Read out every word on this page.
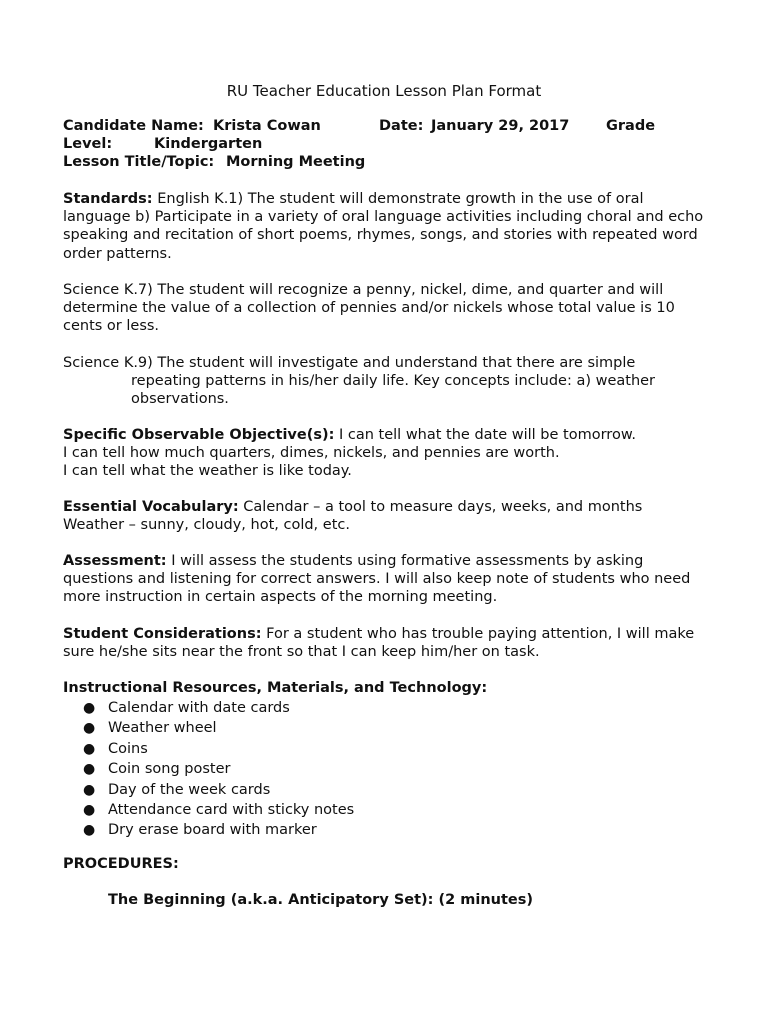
RU Teacher Education Lesson Plan Format
Candidate Name: Krista Cowan	Date: January 29, 2017	Grade
Level:	Kindergarten
Lesson Title/Topic: Morning Meeting
Standards: English K.1) The student will demonstrate growth in the use of oral language b) Participate in a variety of oral language activities including choral and echo speaking and recitation of short poems, rhymes, songs, and stories with repeated word order patterns.
Science K.7) The student will recognize a penny, nickel, dime, and quarter and will determine the value of a collection of pennies and/or nickels whose total value is 10 cents or less.
Science K.9) The student will investigate and understand that there are simple
repeating patterns in his/her daily life. Key concepts include: a) weather
observations.
Specific Observable Objective(s): I can tell what the date will be tomorrow.
I can tell how much quarters, dimes, nickels, and pennies are worth.
I can tell what the weather is like today.
Essential Vocabulary: Calendar – a tool to measure days, weeks, and months
Weather – sunny, cloudy, hot, cold, etc.
Assessment: I will assess the students using formative assessments by asking questions and listening for correct answers. I will also keep note of students who need more instruction in certain aspects of the morning meeting.
Student Considerations: For a student who has trouble paying attention, I will make sure he/she sits near the front so that I can keep him/her on task.
Instructional Resources, Materials, and Technology:
● Calendar with date cards
● Weather wheel
● Coins
● Coin song poster
● Day of the week cards
● Attendance card with sticky notes
● Dry erase board with marker
PROCEDURES:
The Beginning (a.k.a. Anticipatory Set): (2 minutes)
